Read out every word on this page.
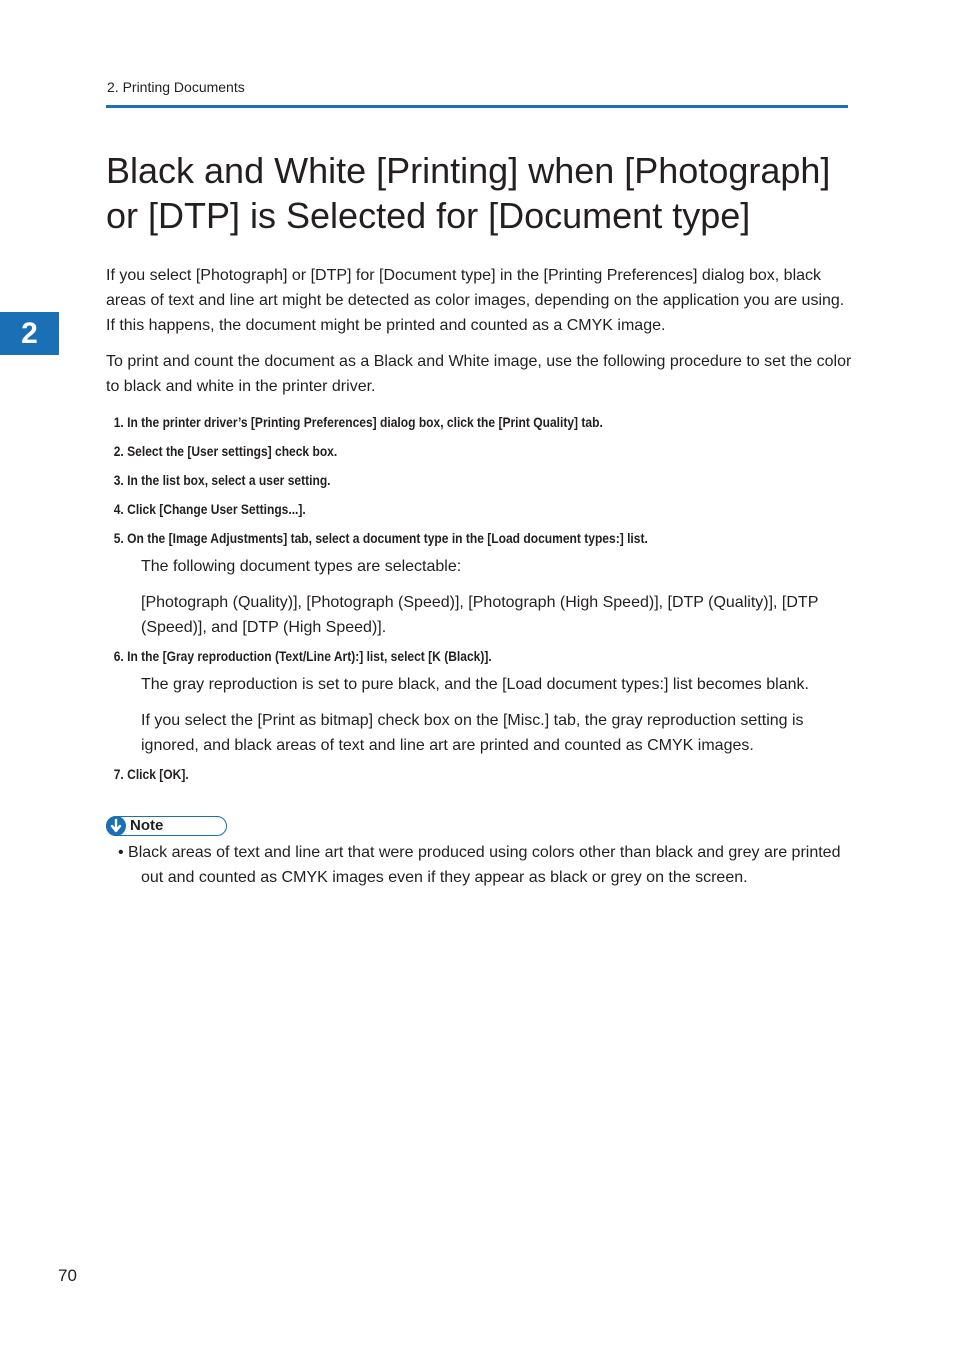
2. Printing Documents
2
Black and White [Printing] when [Photograph] or [DTP] is Selected for [Document type]

If you select [Photograph] or [DTP] for [Document type] in the [Printing Preferences] dialog box, black areas of text and line art might be detected as color images, depending on the application you are using. If this happens, the document might be printed and counted as a CMYK image.

To print and count the document as a Black and White image, use the following procedure to set the color to black and white in the printer driver.

1. In the printer driver’s [Printing Preferences] dialog box, click the [Print Quality] tab.
2. Select the [User settings] check box.
3. In the list box, select a user setting.
4. Click [Change User Settings...].
5. On the [Image Adjustments] tab, select a document type in the [Load document types:] list.

The following document types are selectable:

[Photograph (Quality)], [Photograph (Speed)], [Photograph (High Speed)], [DTP (Quality)], [DTP (Speed)], and [DTP (High Speed)].

6. In the [Gray reproduction (Text/Line Art):] list, select [K (Black)].

The gray reproduction is set to pure black, and the [Load document types:] list becomes blank.

If you select the [Print as bitmap] check box on the [Misc.] tab, the gray reproduction setting is ignored, and black areas of text and line art are printed and counted as CMYK images.

7. Click [OK].
Note

• Black areas of text and line art that were produced using colors other than black and grey are printed out and counted as CMYK images even if they appear as black or grey on the screen.

70
